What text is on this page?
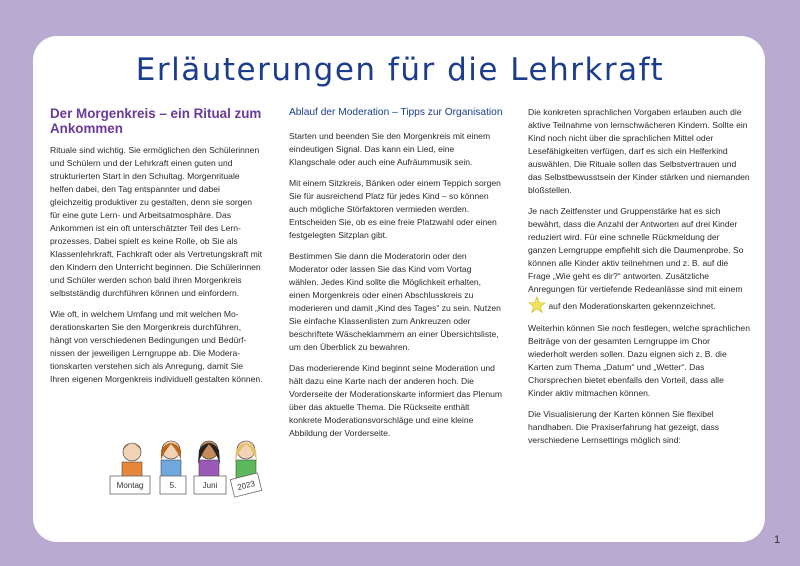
Erläuterungen für die Lehrkraft
Der Morgenkreis – ein Ritual zum Ankommen

Rituale sind wichtig. Sie ermöglichen den Schülerinnen und Schülern und der Lehrkraft einen guten und strukturierten Start in den Schultag. Morgenrituale helfen dabei, den Tag entspannter und dabei gleichzeitig produktiver zu gestalten, denn sie sorgen für eine gute Lern- und Arbeitsatmosphäre. Das Ankommen ist ein oft unterschätzter Teil des Lernprozesses. Dabei spielt es keine Rolle, ob Sie als Klassenlehrkraft, Fachkraft oder als Vertretungskraft mit den Kindern den Unterricht beginnen. Die Schülerinnen und Schüler werden schon bald ihren Morgenkreis selbstständig durchführen können und einfordern.

Wie oft, in welchem Umfang und mit welchen Moderationskarten Sie den Morgenkreis durchführen, hängt von verschiedenen Bedingungen und Bedürfnissen der jeweiligen Lerngruppe ab. Die Moderationskarten verstehen sich als Anregung, damit Sie Ihren eigenen Morgenkreis individuell gestalten können.

Montag	5.	Juni 2023
Ablauf der Moderation – Tipps zur Organisation

Starten und beenden Sie den Morgenkreis mit einem eindeutigen Signal. Das kann ein Lied, eine Klangschale oder auch eine Aufräummusik sein.

Mit einem Sitzkreis, Bänken oder einem Teppich sorgen Sie für ausreichend Platz für jedes Kind – so können auch mögliche Störfaktoren vermieden werden. Entscheiden Sie, ob es eine freie Platzwahl oder einen festgelegten Sitzplan gibt.

Bestimmen Sie dann die Moderatorin oder den Moderator oder lassen Sie das Kind vom Vortag wählen. Jedes Kind sollte die Möglichkeit erhalten, einen Morgenkreis oder einen Abschlusskreis zu moderieren und damit „Kind des Tages“ zu sein. Nutzen Sie einfache Klassenlisten zum Ankreuzen oder beschriftete Wäscheklammern an einer Übersichtsliste, um den Überblick zu bewahren.

Das moderierende Kind beginnt seine Moderation und hält dazu eine Karte nach der anderen hoch. Die Vorderseite der Moderationskarte informiert das Plenum über das aktuelle Thema. Die Rückseite enthält konkrete Moderationsvorschläge und eine kleine Abbildung der Vorderseite.

Die konkreten sprachlichen Vorgaben erlauben auch die aktive Teilnahme von lernschwächeren Kindern. Sollte ein Kind noch nicht über die sprachlichen Mittel oder Lesefähigkeiten verfügen, darf es sich ein Helferkind auswählen. Die Rituale sollen das Selbstvertrauen und das Selbstbewusstsein der Kinder stärken und niemanden bloßstellen.

Je nach Zeitfenster und Gruppenstärke hat es sich bewährt, dass die Anzahl der Antworten auf drei Kinder reduziert wird. Für eine schnelle Rückmeldung der ganzen Lerngruppe empfiehlt sich die Daumenprobe. So können alle Kinder aktiv teilnehmen und z. B. auf die Frage „Wie geht es dir?“ antworten. Zusätzliche Anregungen für vertiefende Redeanlässe sind mit einem  auf den Moderationskarten gekennzeichnet.

Weiterhin können Sie noch festlegen, welche sprachlichen Beiträge von der gesamten Lerngruppe im Chor wiederholt werden sollen. Dazu eignen sich z. B. die Karten zum Thema „Datum“ und „Wetter“. Das Chorsprechen bietet ebenfalls den Vorteil, dass alle Kinder aktiv mitmachen können.

Die Visualisierung der Karten können Sie flexibel handhaben. Die Praxiserfahrung hat gezeigt, dass verschiedene Lernsettings möglich sind:

1
